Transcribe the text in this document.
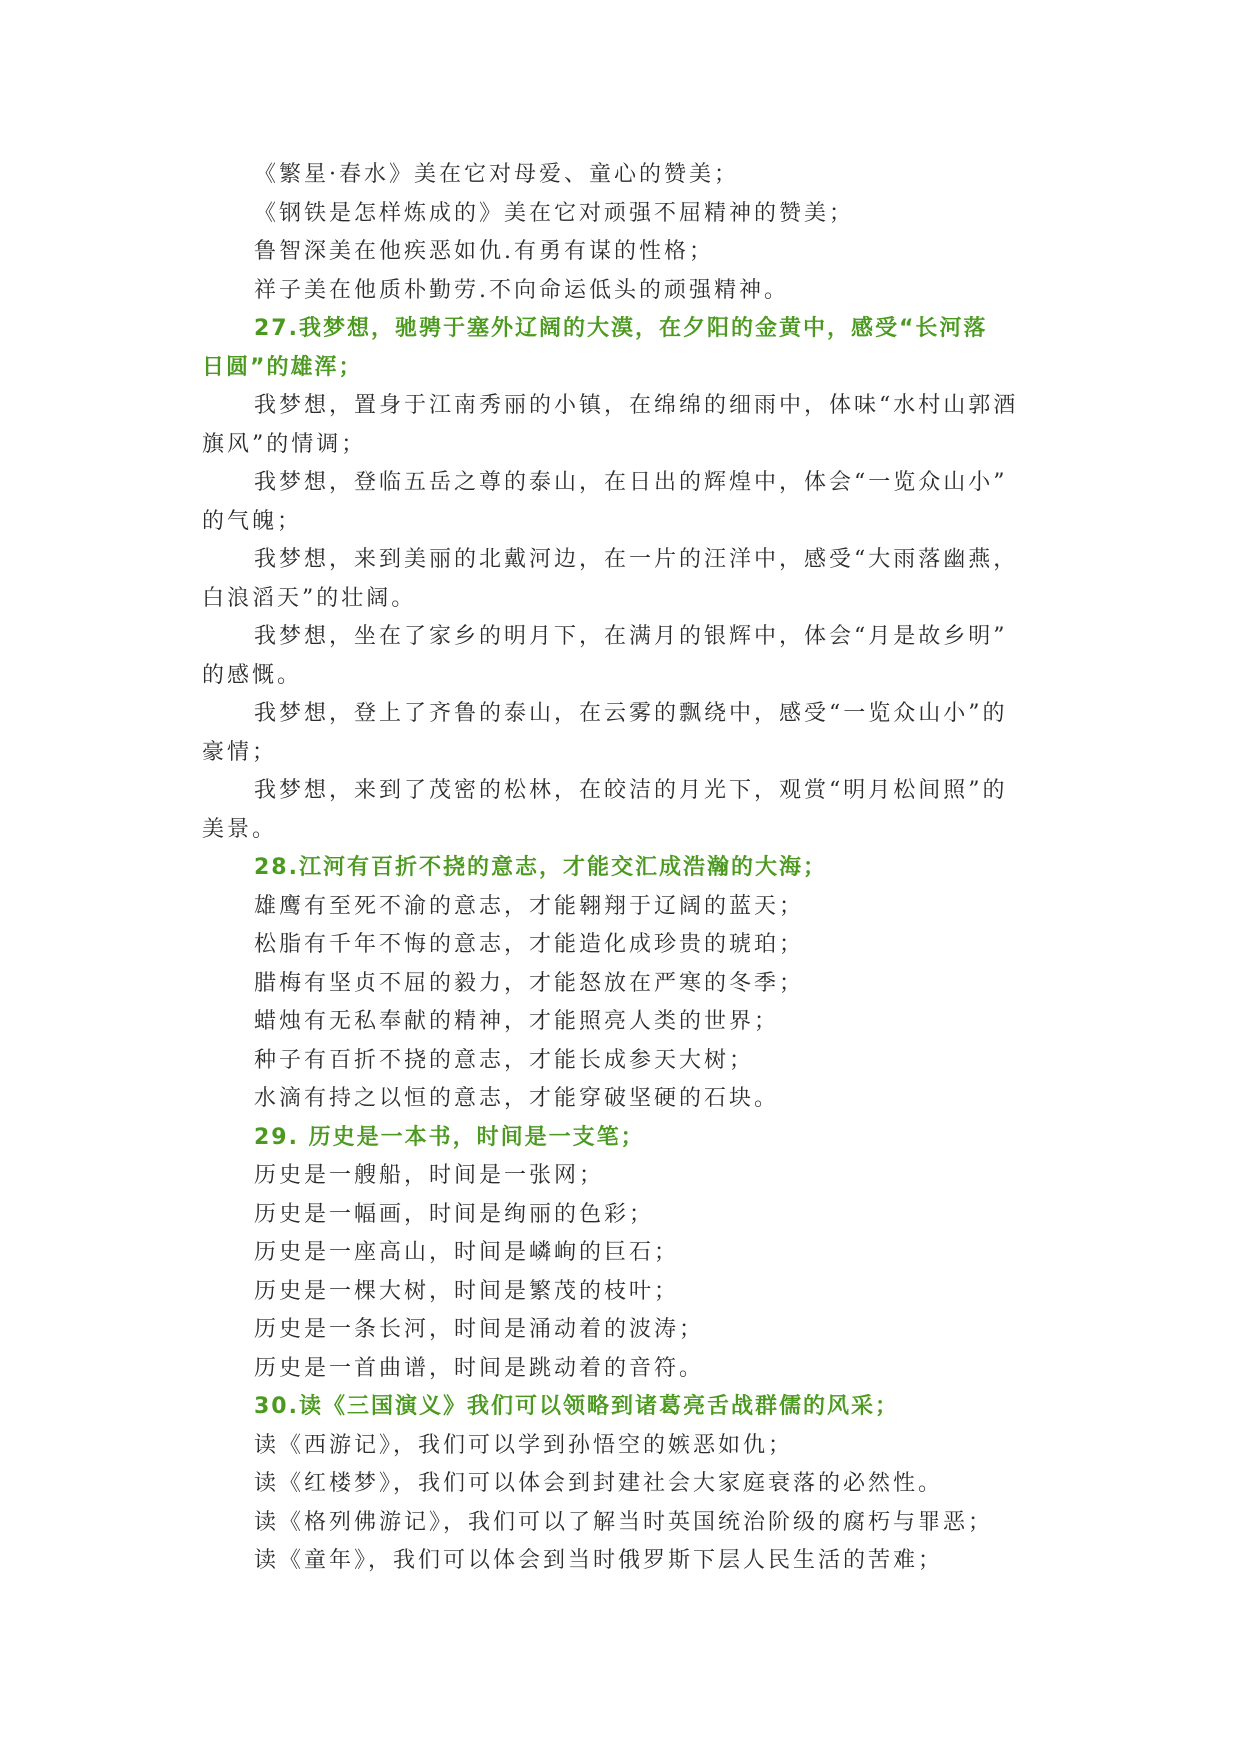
《繁星·春水》美在它对母爱、童心的赞美；
《钢铁是怎样炼成的》美在它对顽强不屈精神的赞美；
鲁智深美在他疾恶如仇.有勇有谋的性格；
祥子美在他质朴勤劳.不向命运低头的顽强精神。
27.我梦想，驰骋于塞外辽阔的大漠，在夕阳的金黄中，感受“长河落
日圆”的雄浑；
我梦想，置身于江南秀丽的小镇，在绵绵的细雨中，体味“水村山郭酒
旗风”的情调；
我梦想，登临五岳之尊的泰山，在日出的辉煌中，体会“一览众山小”
的气魄；
我梦想，来到美丽的北戴河边，在一片的汪洋中，感受“大雨落幽燕，
白浪滔天”的壮阔。
我梦想，坐在了家乡的明月下，在满月的银辉中，体会“月是故乡明”
的感慨。
我梦想，登上了齐鲁的泰山，在云雾的飘绕中，感受“一览众山小”的
豪情；
我梦想，来到了茂密的松林，在皎洁的月光下，观赏“明月松间照”的
美景。
28.江河有百折不挠的意志，才能交汇成浩瀚的大海；
雄鹰有至死不渝的意志，才能翱翔于辽阔的蓝天；
松脂有千年不悔的意志，才能造化成珍贵的琥珀；
腊梅有坚贞不屈的毅力，才能怒放在严寒的冬季；
蜡烛有无私奉献的精神，才能照亮人类的世界；
种子有百折不挠的意志，才能长成参天大树；
水滴有持之以恒的意志，才能穿破坚硬的石块。
29. 历史是一本书，时间是一支笔；
历史是一艘船，时间是一张网；
历史是一幅画，时间是绚丽的色彩；
历史是一座高山，时间是嶙峋的巨石；
历史是一棵大树，时间是繁茂的枝叶；
历史是一条长河，时间是涌动着的波涛；
历史是一首曲谱，时间是跳动着的音符。
30.读《三国演义》我们可以领略到诸葛亮舌战群儒的风采；
读《西游记》，我们可以学到孙悟空的嫉恶如仇；
读《红楼梦》，我们可以体会到封建社会大家庭衰落的必然性。
读《格列佛游记》，我们可以了解当时英国统治阶级的腐朽与罪恶；
读《童年》，我们可以体会到当时俄罗斯下层人民生活的苦难；
